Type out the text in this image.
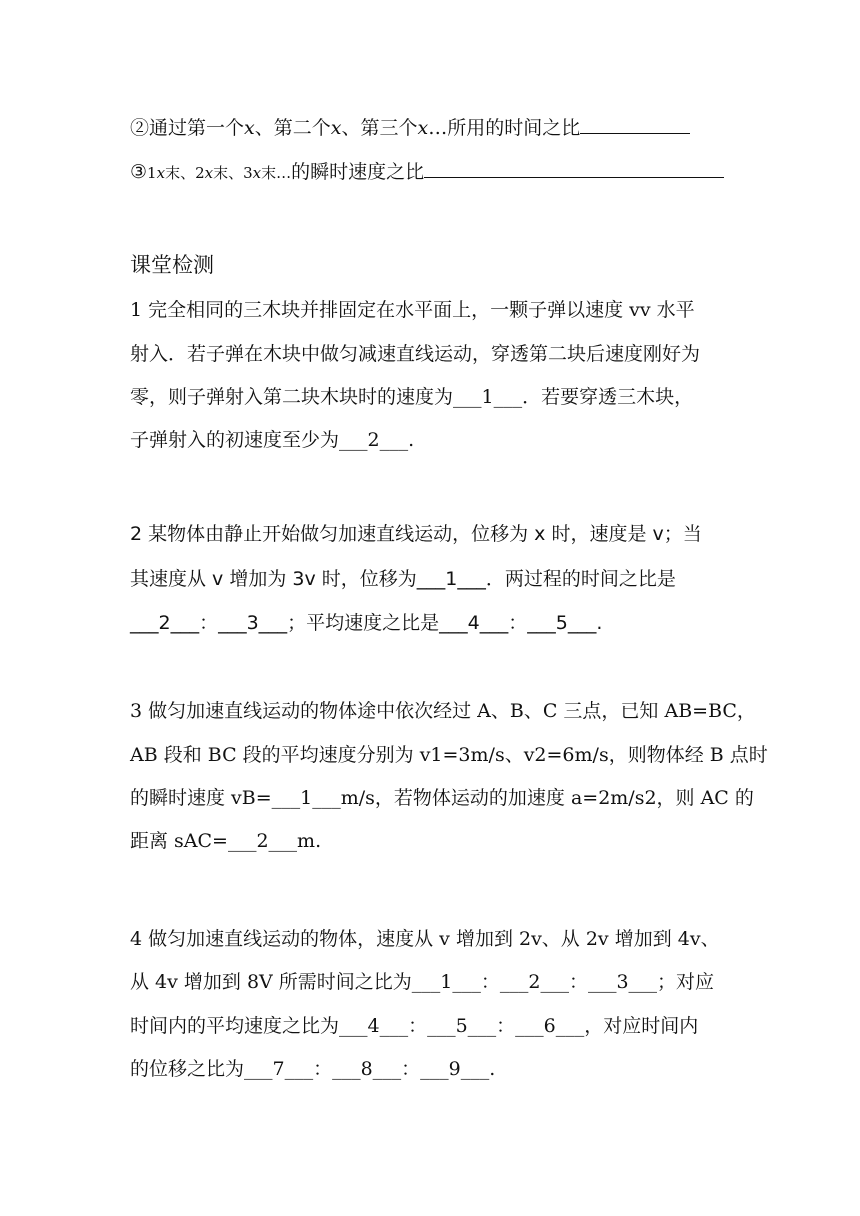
②通过第一个x、第二个x、第三个x…所用的时间之比
③1x末、2x末、3x末…的瞬时速度之比
课堂检测
1 完全相同的三木块并排固定在水平面上，一颗子弹以速度 vv 水平
射入．若子弹在木块中做匀减速直线运动，穿透第二块后速度刚好为
零，则子弹射入第二块木块时的速度为___1___．若要穿透三木块，
子弹射入的初速度至少为___2___.
2 某物体由静止开始做匀加速直线运动，位移为 x 时，速度是 v；当
其速度从 v 增加为 3v 时，位移为___1___．两过程的时间之比是
___2___：___3___；平均速度之比是___4___：___5___.
3 做匀加速直线运动的物体途中依次经过 A、B、C 三点，已知 AB=BC，
AB 段和 BC 段的平均速度分别为 v1=3m/s、v2=6m/s，则物体经 B 点时
的瞬时速度 vB=___1___m/s，若物体运动的加速度 a=2m/s2，则 AC 的
距离 sAC=___2___m.
4 做匀加速直线运动的物体，速度从 v 增加到 2v、从 2v 增加到 4v、
从 4v 增加到 8V 所需时间之比为___1___：___2___：___3___；对应
时间内的平均速度之比为___4___：___5___：___6___，对应时间内
的位移之比为___7___：___8___：___9___.
